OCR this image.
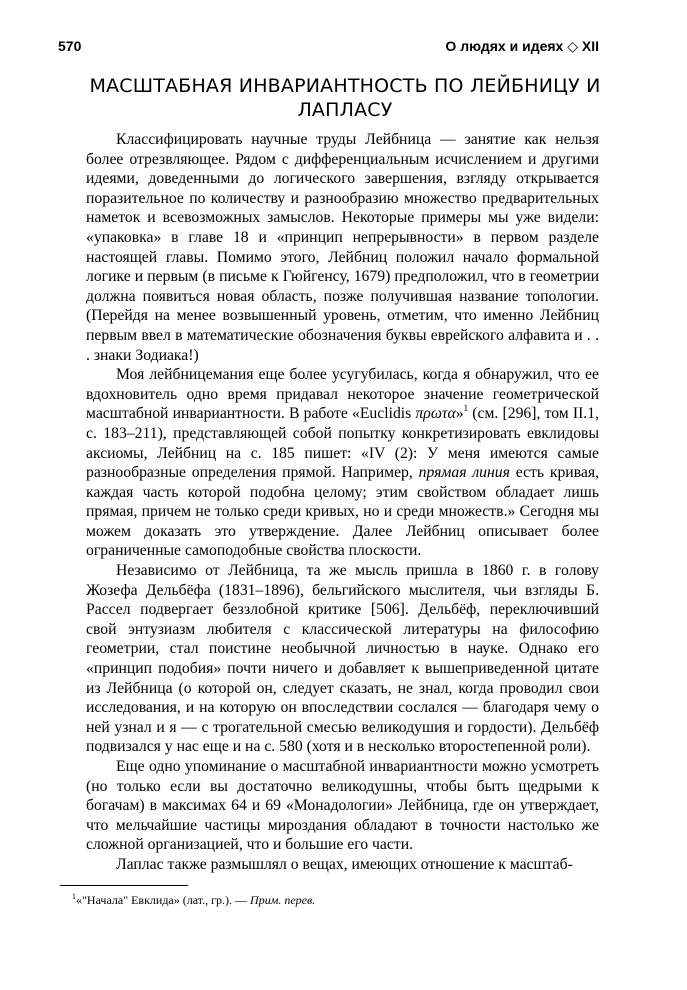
570	О людях и идеях ◇ XII
МАСШТАБНАЯ ИНВАРИАНТНОСТЬ ПО ЛЕЙБНИЦУ И ЛАПЛАСУ

Классифицировать научные труды Лейбница — занятие как нельзя более отрезвляющее. Рядом с дифференциальным исчислением и другими идеями, доведенными до логического завершения, взгляду открывается поразительное по количеству и разнообразию множество предварительных наметок и всевозможных замыслов. Некоторые примеры мы уже видели: «упаковка» в главе 18 и «принцип непрерывности» в первом разделе настоящей главы. Помимо этого, Лейбниц положил начало формальной логике и первым (в письме к Гюйгенсу, 1679) предположил, что в геометрии должна появиться новая область, позже получившая название топологии. (Перейдя на менее возвышенный уровень, отметим, что именно Лейбниц первым ввел в математические обозначения буквы еврейского алфавита и . . . знаки Зодиака!)

Моя лейбницемания еще более усугубилась, когда я обнаружил, что ее вдохновитель одно время придавал некоторое значение геометрической масштабной инвариантности. В работе «Euclidis πρωτα»$^1$ (см. [296], том II.1, с. 183–211), представляющей собой попытку конкретизировать евклидовы аксиомы, Лейбниц на с. 185 пишет: «IV (2): У меня имеются самые разнообразные определения прямой. Например, прямая линия есть кривая, каждая часть которой подобна целому; этим свойством обладает лишь прямая, причем не только среди кривых, но и среди множеств.» Сегодня мы можем доказать это утверждение. Далее Лейбниц описывает более ограниченные самоподобные свойства плоскости.

Независимо от Лейбница, та же мысль пришла в 1860 г. в голову Жозефа Дельбёфа (1831–1896), бельгийского мыслителя, чьи взгляды Б. Рассел подвергает беззлобной критике [506]. Дельбёф, переключивший свой энтузиазм любителя с классической литературы на философию геометрии, стал поистине необычной личностью в науке. Однако его «принцип подобия» почти ничего и добавляет к вышеприведенной цитате из Лейбница (о которой он, следует сказать, не знал, когда проводил свои исследования, и на которую он впоследствии сослался — благодаря чему о ней узнал и я — с трогательной смесью великодушия и гордости). Дельбёф подвизался у нас еще и на с. 580 (хотя и в несколько второстепенной роли).

Еще одно упоминание о масштабной инвариантности можно усмотреть (но только если вы достаточно великодушны, чтобы быть щедрыми к богачам) в максимах 64 и 69 «Монадологии» Лейбница, где он утверждает, что мельчайшие частицы мироздания обладают в точности настолько же сложной организацией, что и большие его части.

Лаплас также размышлял о вещах, имеющих отношение к масштаб-

$^1$«"Начала" Евклида» (лат., гр.). — Прим. перев.
